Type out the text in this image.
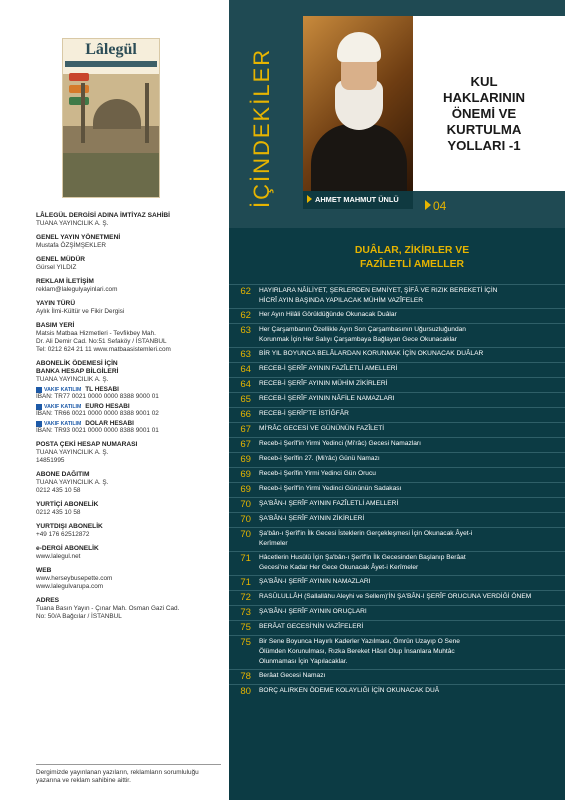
Lâlegül
LÂLEGÜL DERGİSİ ADINA İMTİYAZ SAHİBİ
TUANA YAYINCILIK A. Ş.
GENEL YAYIN YÖNETMENİ
Mustafa ÖZŞİMŞEKLER
GENEL MÜDÜR
Gürsel YILDIZ
REKLAM İLETİŞİM
reklam@lalegulyayinlari.com
YAYIN TÜRÜ
Aylık İlmi-Kültür ve Fikir Dergisi
BASIM YERİ
Matsis Matbaa Hizmetleri - Tevfikbey Mah.
Dr. Ali Demir Cad. No:51 Sefaköy / İSTANBUL
Tel: 0212 624 21 11 www.matbaasistemleri.com
ABONELİK ÖDEMESİ İÇİN
BANKA HESAP BİLGİLERİ
TUANA YAYINCILIK A. Ş.
VAKIF KATILIM TL HESABI
İBAN: TR77 0021 0000 0000 8388 9000 01
VAKIF KATILIM EURO HESABI
İBAN: TR66 0021 0000 0000 8388 9001 02
VAKIF KATILIM DOLAR HESABI
İBAN: TR93 0021 0000 0000 8388 9001 01
POSTA ÇEKİ HESAP NUMARASI
TUANA YAYINCILIK A. Ş.
14851995
ABONE DAĞITIM
TUANA YAYINCILIK A. Ş.
0212 435 10 58
YURTİÇİ ABONELİK
0212 435 10 58
YURTDIŞI ABONELİK
+49 176 62512872
e-DERGİ ABONELİK
www.lalegul.net
WEB
www.herseybusepette.com
www.lalegulvarupa.com
ADRES
Tuana Basın Yayın - Çınar Mah. Osman Gazi Cad.
No: 50/A Bağcılar / İSTANBUL
Dergimizde yayınlanan yazıların, reklamların sorumluluğu yazarına ve reklam sahibine aittir.
İÇİNDEKİLER	AHMET MAHMUT ÜNLÜ
KUL
HAKLARININ
ÖNEMİ VE
KURTULMA
YOLLARI -1
04
DUÂLAR, ZİKİRLER VE
FAZÎLETLİ AMELLER
62	HAYIRLARA NÂİLİYET, ŞERLERDEN EMNİYET, ŞİFÂ VE RIZIK BEREKETİ İÇİN
HİCRÎ AYIN BAŞINDA YAPILACAK MÜHİM VAZÎFELER
62	Her Ayın Hilâli Görüldüğünde Okunacak Duâlar
63	Her Çarşambanın Özellikle Ayın Son Çarşambasının Uğursuzluğundan
Korunmak İçin Her Salıyı Çarşambaya Bağlayan Gece Okunacaklar
63	BİR YIL BOYUNCA BELÂLARDAN KORUNMAK İÇİN OKUNACAK DUÂLAR
64	RECEB-İ ŞERÎF AYININ FAZÎLETLİ AMELLERİ
64	RECEB-İ ŞERÎF AYININ MÜHİM ZİKİRLERİ
65	RECEB-İ ŞERÎF AYININ NÂFİLE NAMAZLARI
66	RECEB-İ ŞERÎF'TE İSTİĞFÂR
67	Mİ'RÂC GECESİ VE GÜNÜNÜN FAZÎLETİ
67	Receb-i Şerîf'in Yirmi Yedinci (Mi'râc) Gecesi Namazları
69	Receb-i Şerîfin 27. (Mi'râc) Günü Namazı
69	Receb-i Şerîfin Yirmi Yedinci Gün Orucu
69	Receb-i Şerîf'in Yirmi Yedinci Gününün Sadakası
70	ŞA'BÂN-I ŞERÎF AYININ FAZÎLETLİ AMELLERİ
70	ŞA'BÂN-I ŞERÎF AYININ ZİKİRLERİ
70	Şa'bân-ı Şerîf'in İlk Gecesi İsteklerin Gerçekleşmesi İçin Okunacak Âyet-i
Kerîmeler
71	Hâcetlerin Husûlü İçin Şa'bân-ı Şerîf'in İlk Gecesinden Başlanıp Berâat
Gecesi'ne Kadar Her Gece Okunacak Âyet-i Kerîmeler
71	ŞA'BÂN-I ŞERÎF AYININ NAMAZLARI
72	RASÛLULLÂH (Sallallâhu Aleyhi ve Sellem)'İN ŞA'BÂN-I ŞERÎF ORUCUNA VERDİĞİ ÖNEM
73	ŞA'BÂN-I ŞERÎF AYININ ORUÇLARI
75	BERÂAT GECESİ'NİN VAZÎFELERİ
75	Bir Sene Boyunca Hayırlı Kaderler Yazılması, Ömrün Uzayıp O Sene
Ölümden Korunulması, Rızka Bereket Hâsıl Olup İnsanlara Muhtâc
Olunmaması İçin Yapılacaklar.
78	Berâat Gecesi Namazı
80	BORÇ ALIRKEN ÖDEME KOLAYLIĞI İÇİN OKUNACAK DUÂ
